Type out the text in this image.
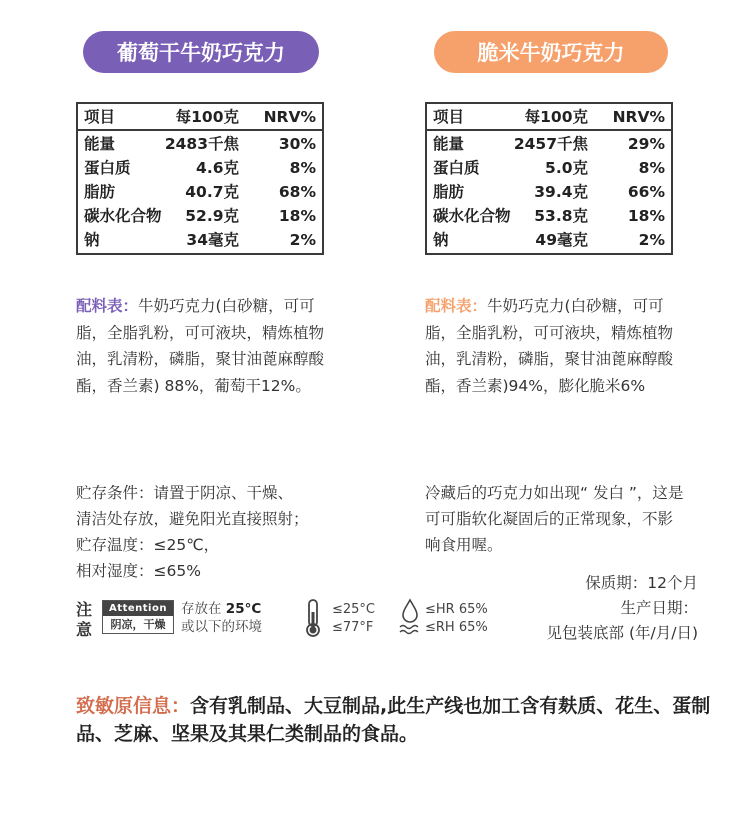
葡萄干牛奶巧克力	脆米牛奶巧克力
项目	每100克 NRV%
能量	2483千焦	30%
蛋白质	4.6克	8%
脂肪	40.7克	68%
碳水化合物 52.9克	18%
钠	34毫克	2%
项目	每100克 NRV%
能量	2457千焦	29%
蛋白质	5.0克	8%
脂肪	39.4克	66%
碳水化合物 53.8克	18%
钠	49毫克	2%
配料表：牛奶巧克力(白砂糖，可可脂，全脂乳粉，可可液块，精炼植物油，乳清粉，磷脂，聚甘油蓖麻醇酸酯，香兰素) 88%，葡萄干12%。
配料表：牛奶巧克力(白砂糖，可可脂，全脂乳粉，可可液块，精炼植物油，乳清粉，磷脂，聚甘油蓖麻醇酸酯，香兰素)94%，膨化脆米6%
贮存条件：请置于阴凉、干燥、
清洁处存放，避免阳光直接照射；
贮存温度：≤25℃，
相对湿度：≤65%
冷藏后的巧克力如出现“ 发白 ”，这是
可可脂软化凝固后的正常现象，不影
响食用喔。
保质期：12个月
生产日期：
见包装底部 (年/月/日)
注
意
Attention
阴凉，干燥
存放在 25°C
或以下的环境
≤25°C
≤77°F
≤HR 65%
≤RH 65%
致敏原信息：含有乳制品、大豆制品,此生产线也加工含有麸质、花生、蛋制品、芝麻、坚果及其果仁类制品的食品。
